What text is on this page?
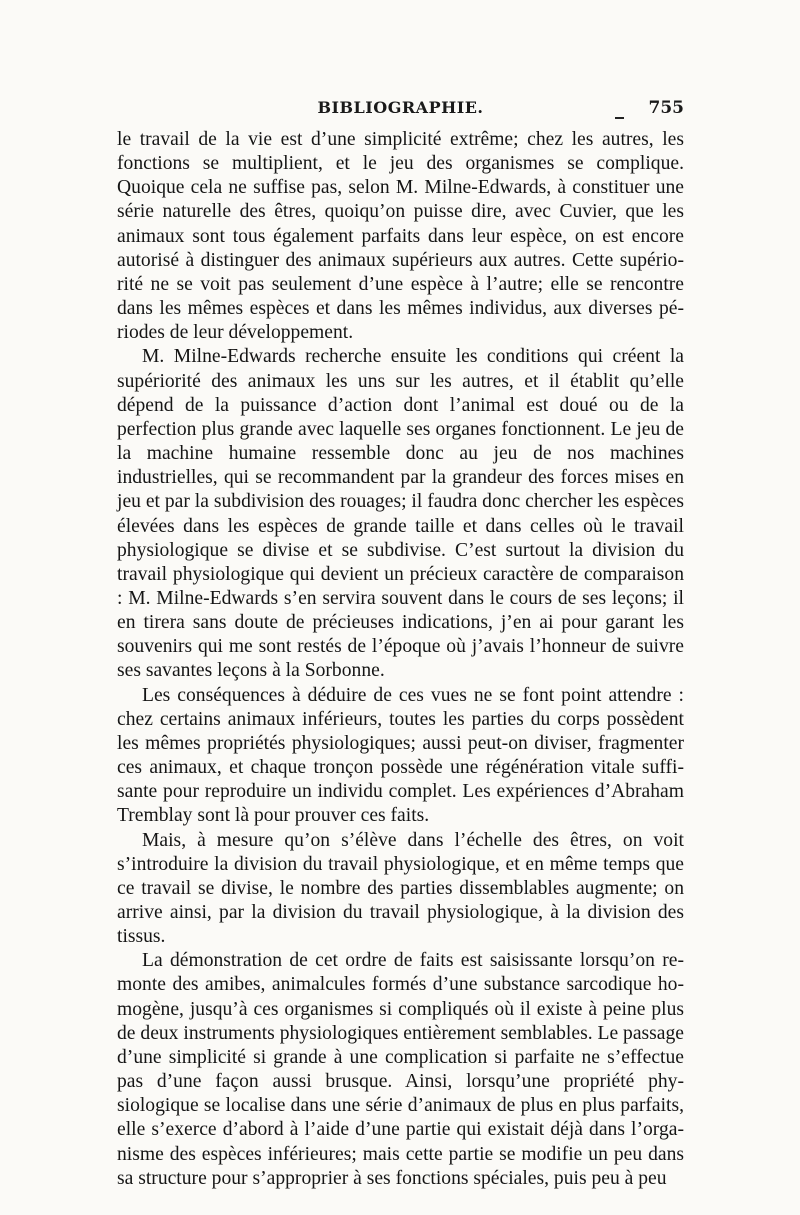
BIBLIOGRAPHIE.	755

le travail de la vie est d’une simplicité extrême; chez les autres, les fonctions se multiplient, et le jeu des organismes se complique. Quoique cela ne suffise pas, selon M. Milne-Edwards, à constituer une série naturelle des êtres, quoiqu’on puisse dire, avec Cuvier, que les animaux sont tous également parfaits dans leur espèce, on est encore autorisé à distinguer des animaux supérieurs aux autres. Cette supériorité ne se voit pas seulement d’une espèce à l’autre; elle se rencontre dans les mêmes espèces et dans les mêmes individus, aux diverses périodes de leur développement.

M. Milne-Edwards recherche ensuite les conditions qui créent la supériorité des animaux les uns sur les autres, et il établit qu’elle dépend de la puissance d’action dont l’animal est doué ou de la perfection plus grande avec laquelle ses organes fonctionnent. Le jeu de la machine humaine ressemble donc au jeu de nos machines industrielles, qui se recommandent par la grandeur des forces mises en jeu et par la subdivision des rouages; il faudra donc chercher les espèces élevées dans les espèces de grande taille et dans celles où le travail physiologique se divise et se subdivise. C’est surtout la division du travail physiologique qui devient un précieux caractère de comparaison : M. Milne-Edwards s’en servira souvent dans le cours de ses leçons; il en tirera sans doute de précieuses indications, j’en ai pour garant les souvenirs qui me sont restés de l’époque où j’avais l’honneur de suivre ses savantes leçons à la Sorbonne.

Les conséquences à déduire de ces vues ne se font point attendre : chez certains animaux inférieurs, toutes les parties du corps possèdent les mêmes propriétés physiologiques; aussi peut-on diviser, fragmenter ces animaux, et chaque tronçon possède une régénération vitale suffisante pour reproduire un individu complet. Les expériences d’Abraham Tremblay sont là pour prouver ces faits.

Mais, à mesure qu’on s’élève dans l’échelle des êtres, on voit s’introduire la division du travail physiologique, et en même temps que ce travail se divise, le nombre des parties dissemblables augmente; on arrive ainsi, par la division du travail physiologique, à la division des tissus.

La démonstration de cet ordre de faits est saisissante lorsqu’on remonte des amibes, animalcules formés d’une substance sarcodique homogène, jusqu’à ces organismes si compliqués où il existe à peine plus de deux instruments physiologiques entièrement semblables. Le passage d’une simplicité si grande à une complication si parfaite ne s’effectue pas d’une façon aussi brusque. Ainsi, lorsqu’une propriété physiologique se localise dans une série d’animaux de plus en plus parfaits, elle s’exerce d’abord à l’aide d’une partie qui existait déjà dans l’organisme des espèces inférieures; mais cette partie se modifie un peu dans sa structure pour s’approprier à ses fonctions spéciales, puis peu à peu
